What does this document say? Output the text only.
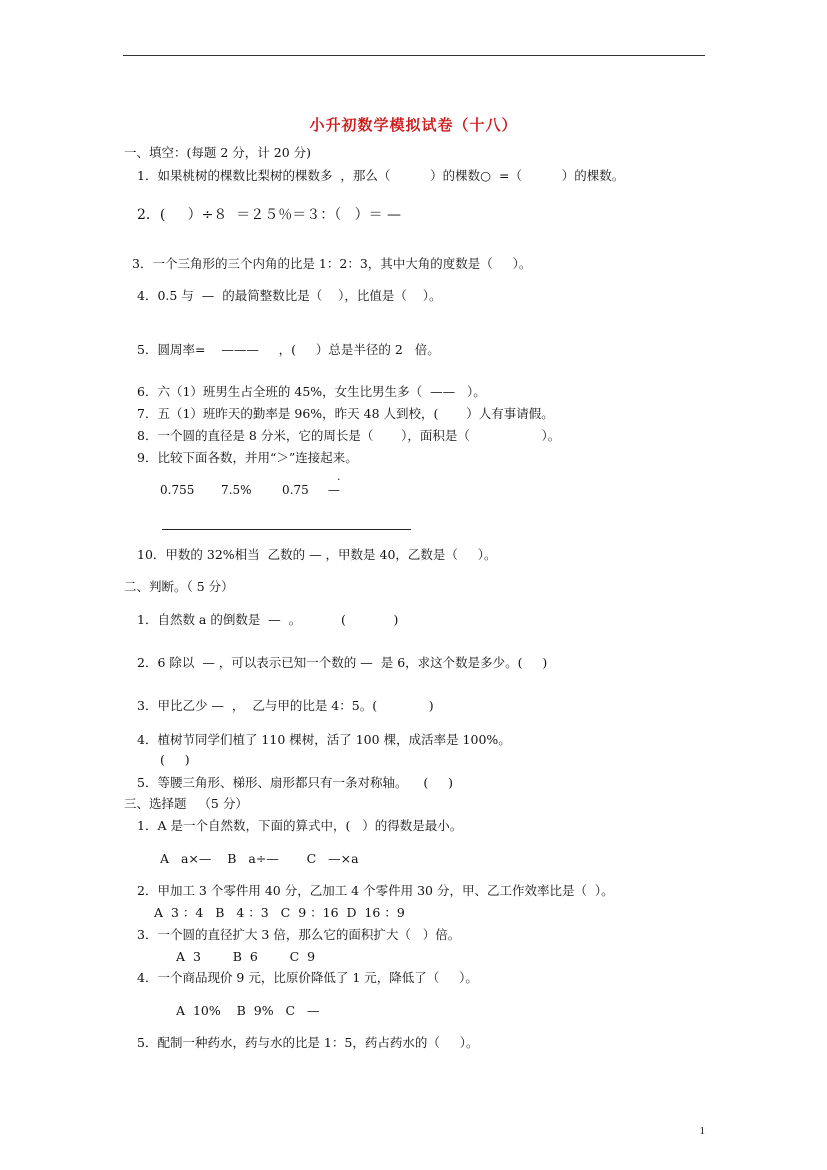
小升初数学模拟试卷（十八）
一、填空：(每题 2 分，计 20 分)
1．如果桃树的棵数比梨树的棵数多  ，那么（          ）的棵数○  =（          ）的棵数。
2．(     ）÷８  ＝２５％＝３：（   ）＝ —
3．一个三角形的三个内角的比是 1：2：3，其中大角的度数是（     ）。
4．0.5 与  —  的最简整数比是（    ），比值是（    ）。
5．圆周率=    ———     ，(     ）总是半径的 2   倍。
6．六（1）班男生占全班的 45%，女生比男生多（  ——   ）。
7．五（1）班昨天的勤率是 96%，昨天 48 人到校，(       ）人有事请假。
8．一个圆的直径是 8 分米，它的周长是（       ），面积是（                  ）。
9．比较下面各数，并用“＞”连接起来。
·
0.755       7.5%        0.75     —
10．甲数的 32%相当  乙数的 — ，甲数是 40，乙数是（     ）。
二、判断。（ 5 分）
1．自然数 a 的倒数是  —  。          (            )
2．6 除以  — ，可以表示已知一个数的 —  是 6，求这个数是多少。(     )
3．甲比乙少 —  ，  乙与甲的比是 4：5。(             )
4．植树节同学们植了 110 棵树，活了 100 棵，成活率是 100%。
(     )
5．等腰三角形、梯形、扇形都只有一条对称轴。    (     )
三、选择题   （5 分）
1．A 是一个自然数，下面的算式中，(   ）的得数是最小。
A   a×—    B   a÷—       C   —×a
2．甲加工 3 个零件用 40 分，乙加工 4 个零件用 30 分，甲、乙工作效率比是（  ）。
A  3 ：4   B   4 ：3   C  9 ：16  D  16 ：9
3．一个圆的直径扩大 3 倍，那么它的面积扩大（   ）倍。
A  3        B  6        C  9
4．一个商品现价 9 元，比原价降低了 1 元，降低了（     ）。
A  10%    B  9%   C   —
5．配制一种药水，药与水的比是 1：5，药占药水的（     ）。
1
